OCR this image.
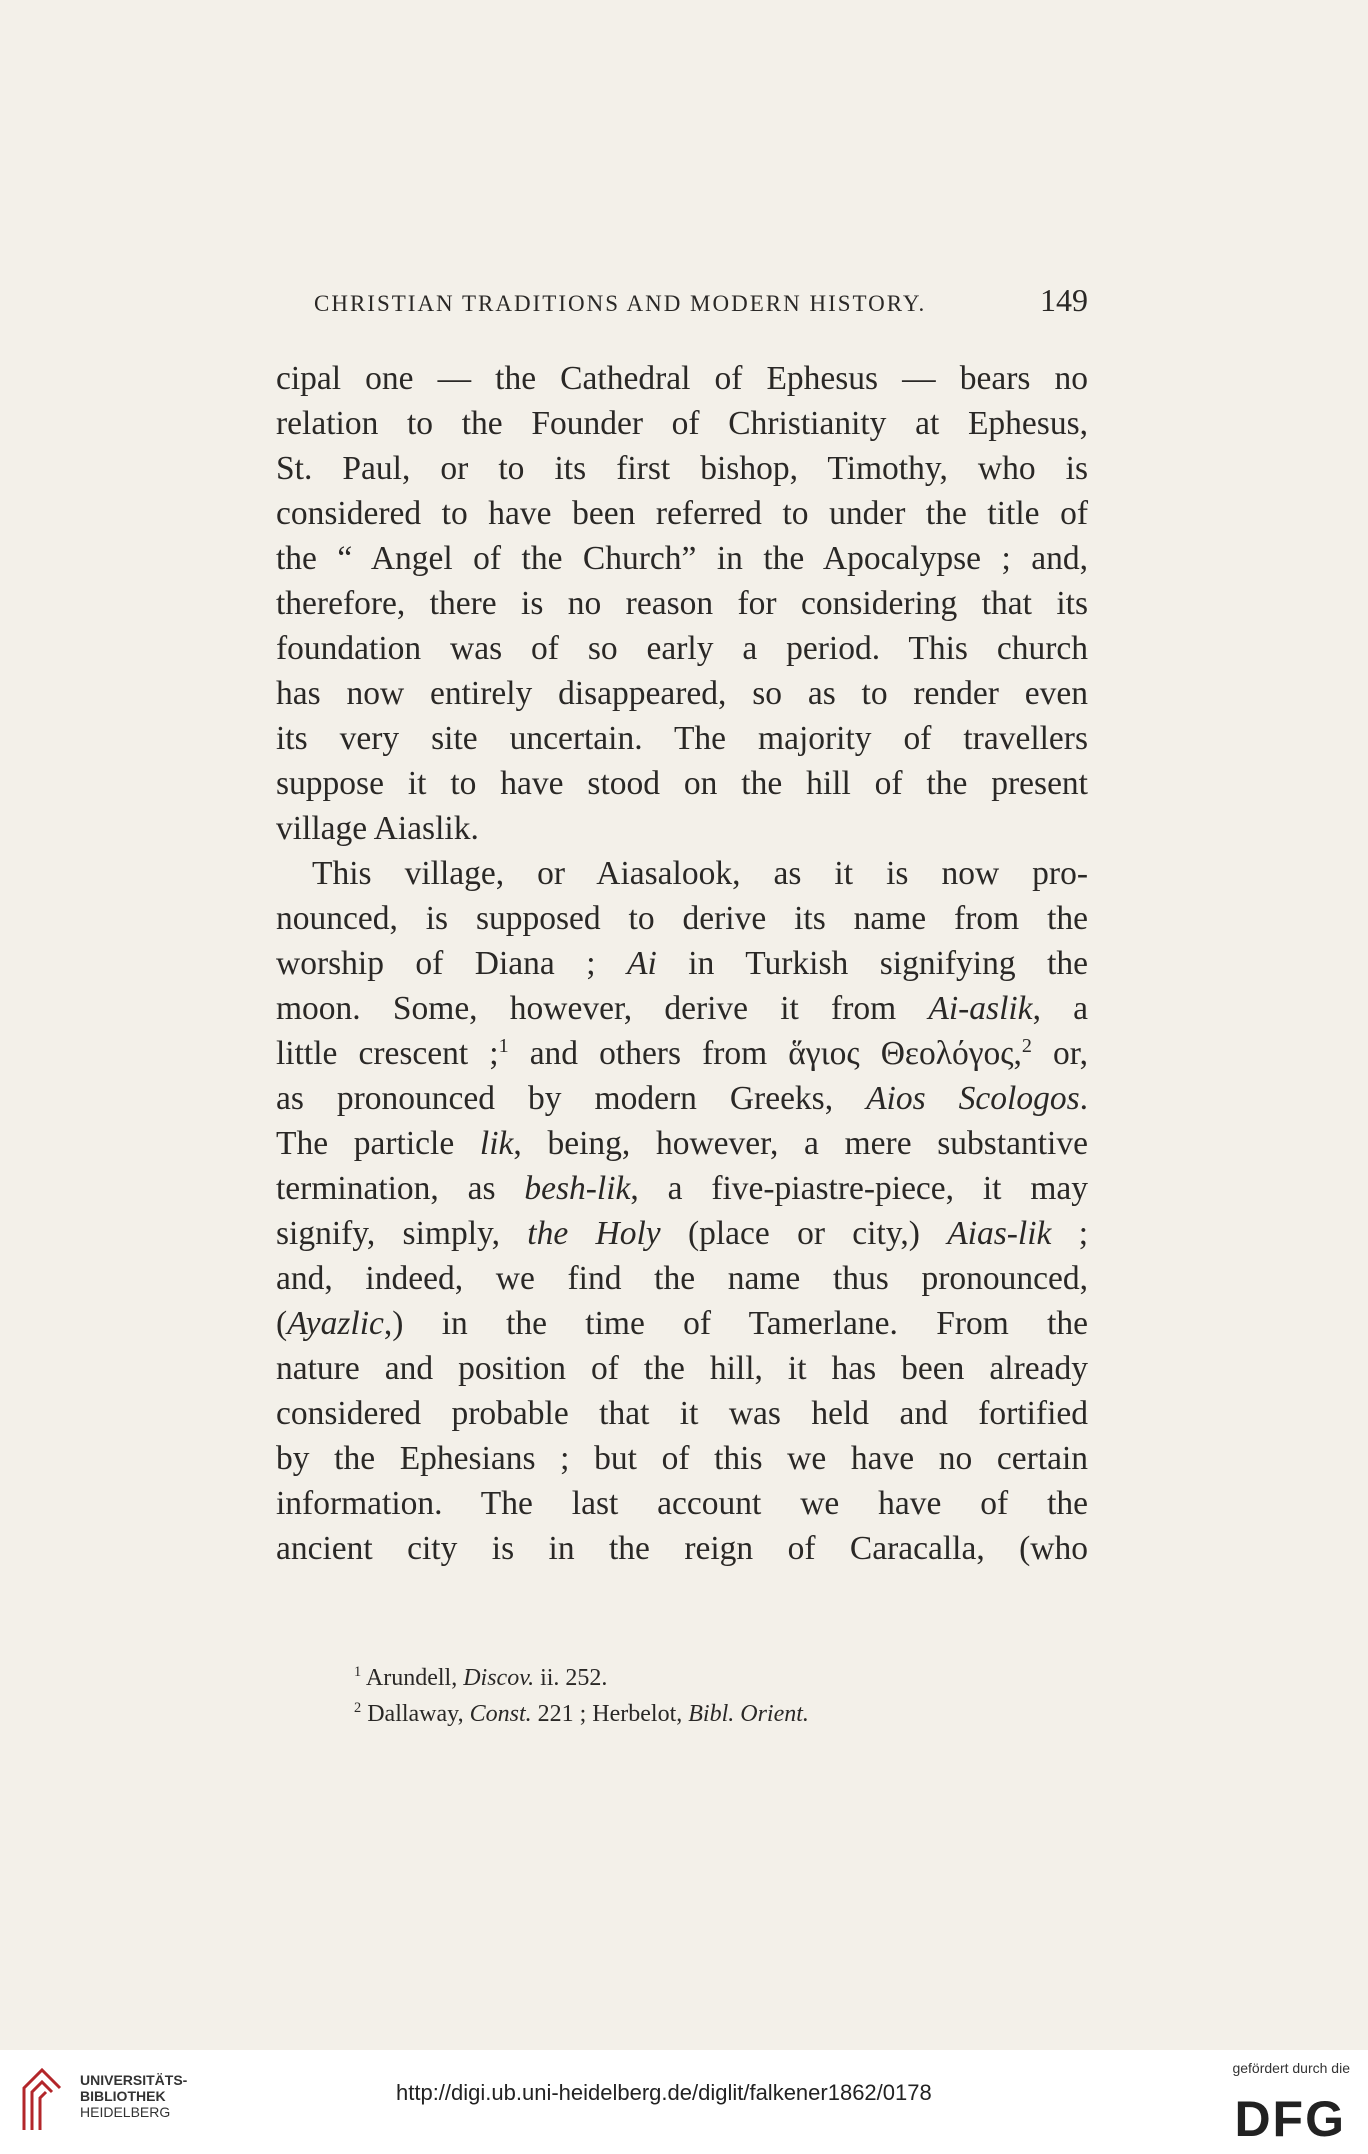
CHRISTIAN TRADITIONS AND MODERN HISTORY.	149
cipal one — the Cathedral of Ephesus — bears no
relation to the Founder of Christianity at Ephesus,
St. Paul, or to its first bishop, Timothy, who is
considered to have been referred to under the title of
the “ Angel of the Church” in the Apocalypse ; and,
therefore, there is no reason for considering that its
foundation was of so early a period. This church
has now entirely disappeared, so as to render even
its very site uncertain. The majority of travellers
suppose it to have stood on the hill of the present
village Aiaslik.
This village, or Aiasalook, as it is now pro-
nounced, is supposed to derive its name from the
worship of Diana ; Ai in Turkish signifying the
moon. Some, however, derive it from Ai-aslik, a
little crescent ;$^1$ and others from ἅγιος Θεολόγος,$^2$ or,
as pronounced by modern Greeks, Aios Scologos.
The particle lik, being, however, a mere substantive
termination, as besh-lik, a five-piastre-piece, it may
signify, simply, the Holy (place or city,) Aias-lik ;
and, indeed, we find the name thus pronounced,
(Ayazlic,) in the time of Tamerlane. From the
nature and position of the hill, it has been already
considered probable that it was held and fortified
by the Ephesians ; but of this we have no certain
information. The last account we have of the
ancient city is in the reign of Caracalla, (who
$^1$ Arundell, Discov. ii. 252.
$^2$ Dallaway, Const. 221 ; Herbelot, Bibl. Orient.
UNIVERSITÄTS-
BIBLIOTHEK
HEIDELBERG
http://digi.ub.uni-heidelberg.de/diglit/falkener1862/0178
gefördert durch die
DFG
